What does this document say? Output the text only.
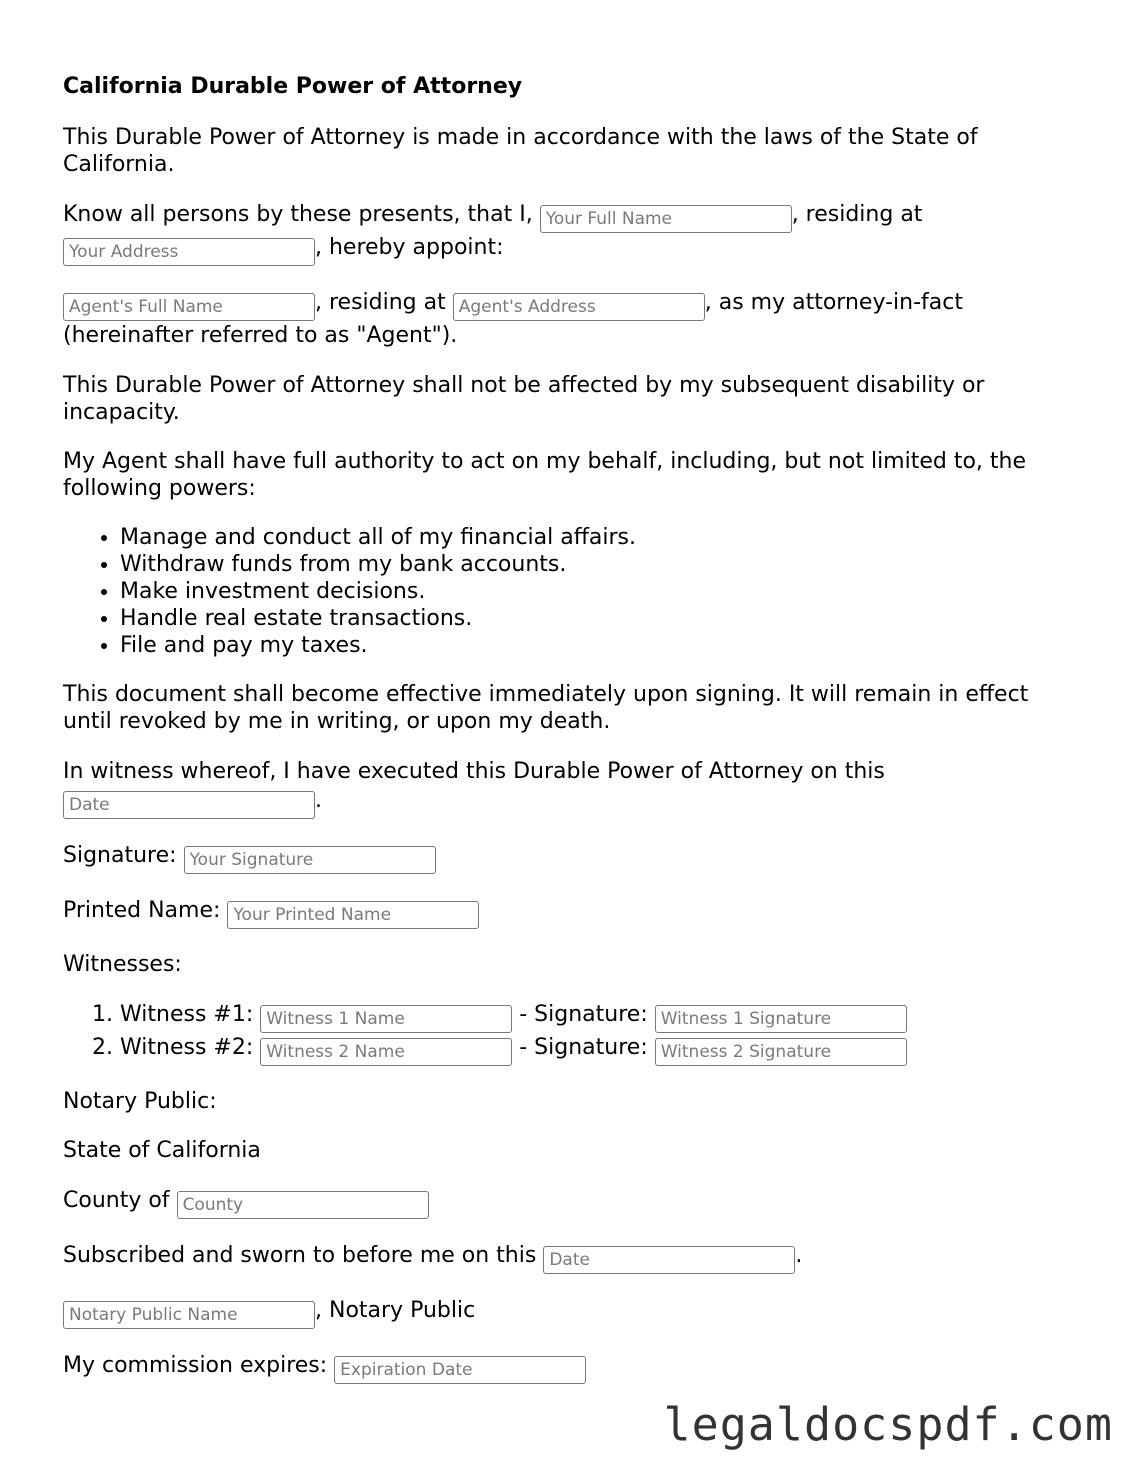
California Durable Power of Attorney

This Durable Power of Attorney is made in accordance with the laws of the State of California.

Know all persons by these presents, that I, Your Full Name	, residing at
Your Address, hereby appoint:

Agent's Full Name, residing at Agent's Address	, as my attorney-in-fact
(hereinafter referred to as "Agent").

This Durable Power of Attorney shall not be affected by my subsequent disability or incapacity.

My Agent shall have full authority to act on my behalf, including, but not limited to, the following powers:

• Manage and conduct all of my financial affairs.
• Withdraw funds from my bank accounts.
• Make investment decisions.
• Handle real estate transactions.
• File and pay my taxes.

This document shall become effective immediately upon signing. It will remain in effect until revoked by me in writing, or upon my death.

In witness whereof, I have executed this Durable Power of Attorney on this
Date.

Signature: Your Signature

Printed Name: Your Printed Name

Witnesses:

1. Witness #1: Witness 1 Name	- Signature: Witness 1 Signature
2. Witness #2: Witness 2 Name	- Signature: Witness 2 Signature

Notary Public:

State of California

County of County

Subscribed and sworn to before me on this Date	.

Notary Public Name, Notary Public

My commission expires: Expiration Date

legaldocspdf.com
